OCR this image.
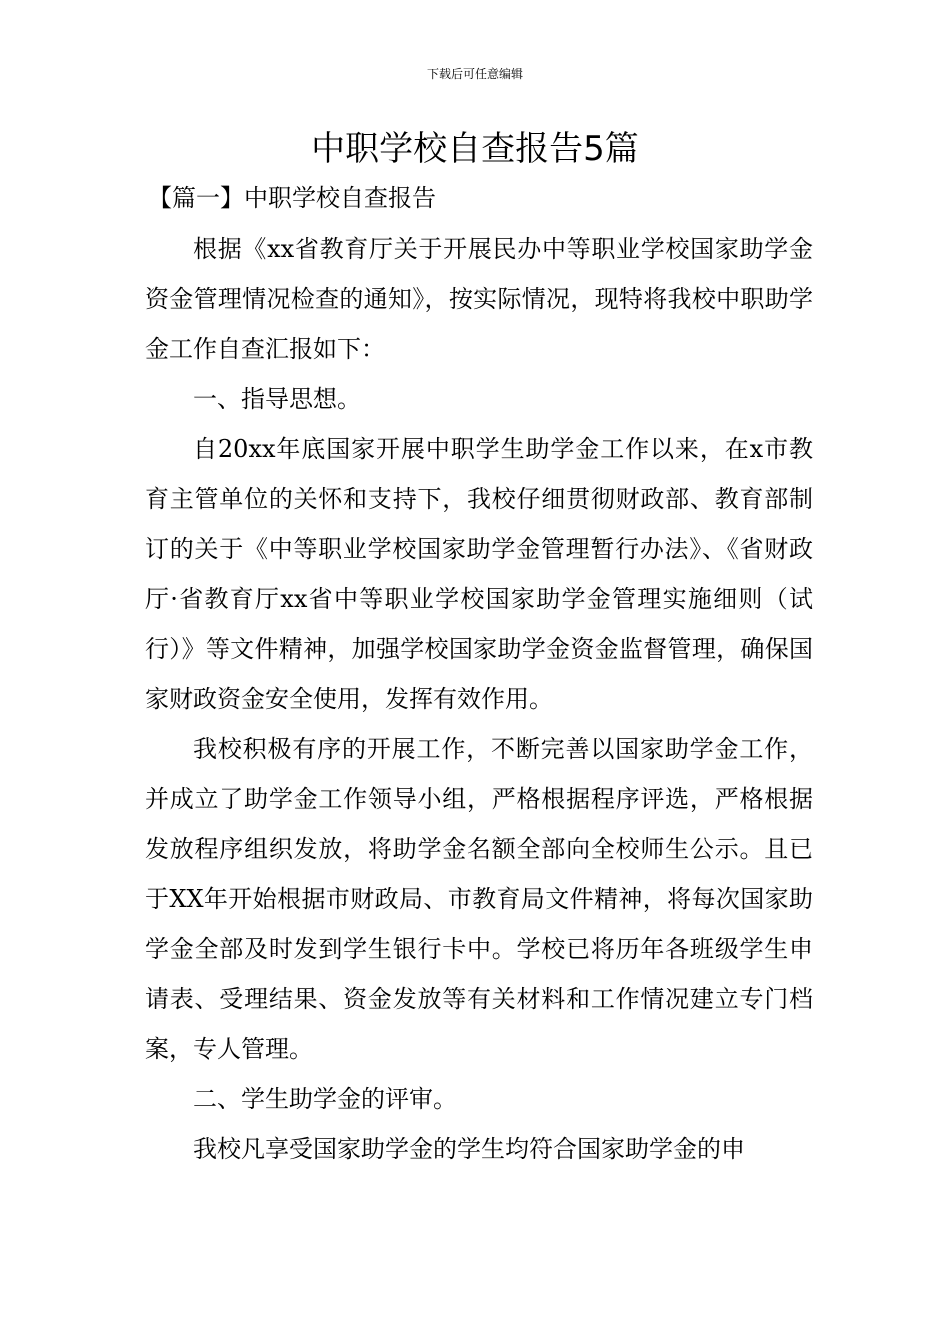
下载后可任意编辑
中职学校自查报告5篇
【篇一】中职学校自查报告

根据《xx省教育厅关于开展民办中等职业学校国家助学金资金管理情况检查的通知》，按实际情况，现特将我校中职助学金工作自查汇报如下：

一、指导思想。

自20xx年底国家开展中职学生助学金工作以来，在x市教育主管单位的关怀和支持下，我校仔细贯彻财政部、教育部制订的关于《中等职业学校国家助学金管理暂行办法》、《省财政厅·省教育厅xx省中等职业学校国家助学金管理实施细则（试行）》等文件精神，加强学校国家助学金资金监督管理，确保国家财政资金安全使用，发挥有效作用。

我校积极有序的开展工作，不断完善以国家助学金工作，并成立了助学金工作领导小组，严格根据程序评选，严格根据发放程序组织发放，将助学金名额全部向全校师生公示。且已于XX年开始根据市财政局、市教育局文件精神，将每次国家助学金全部及时发到学生银行卡中。学校已将历年各班级学生申请表、受理结果、资金发放等有关材料和工作情况建立专门档案，专人管理。

二、学生助学金的评审。

我校凡享受国家助学金的学生均符合国家助学金的申
